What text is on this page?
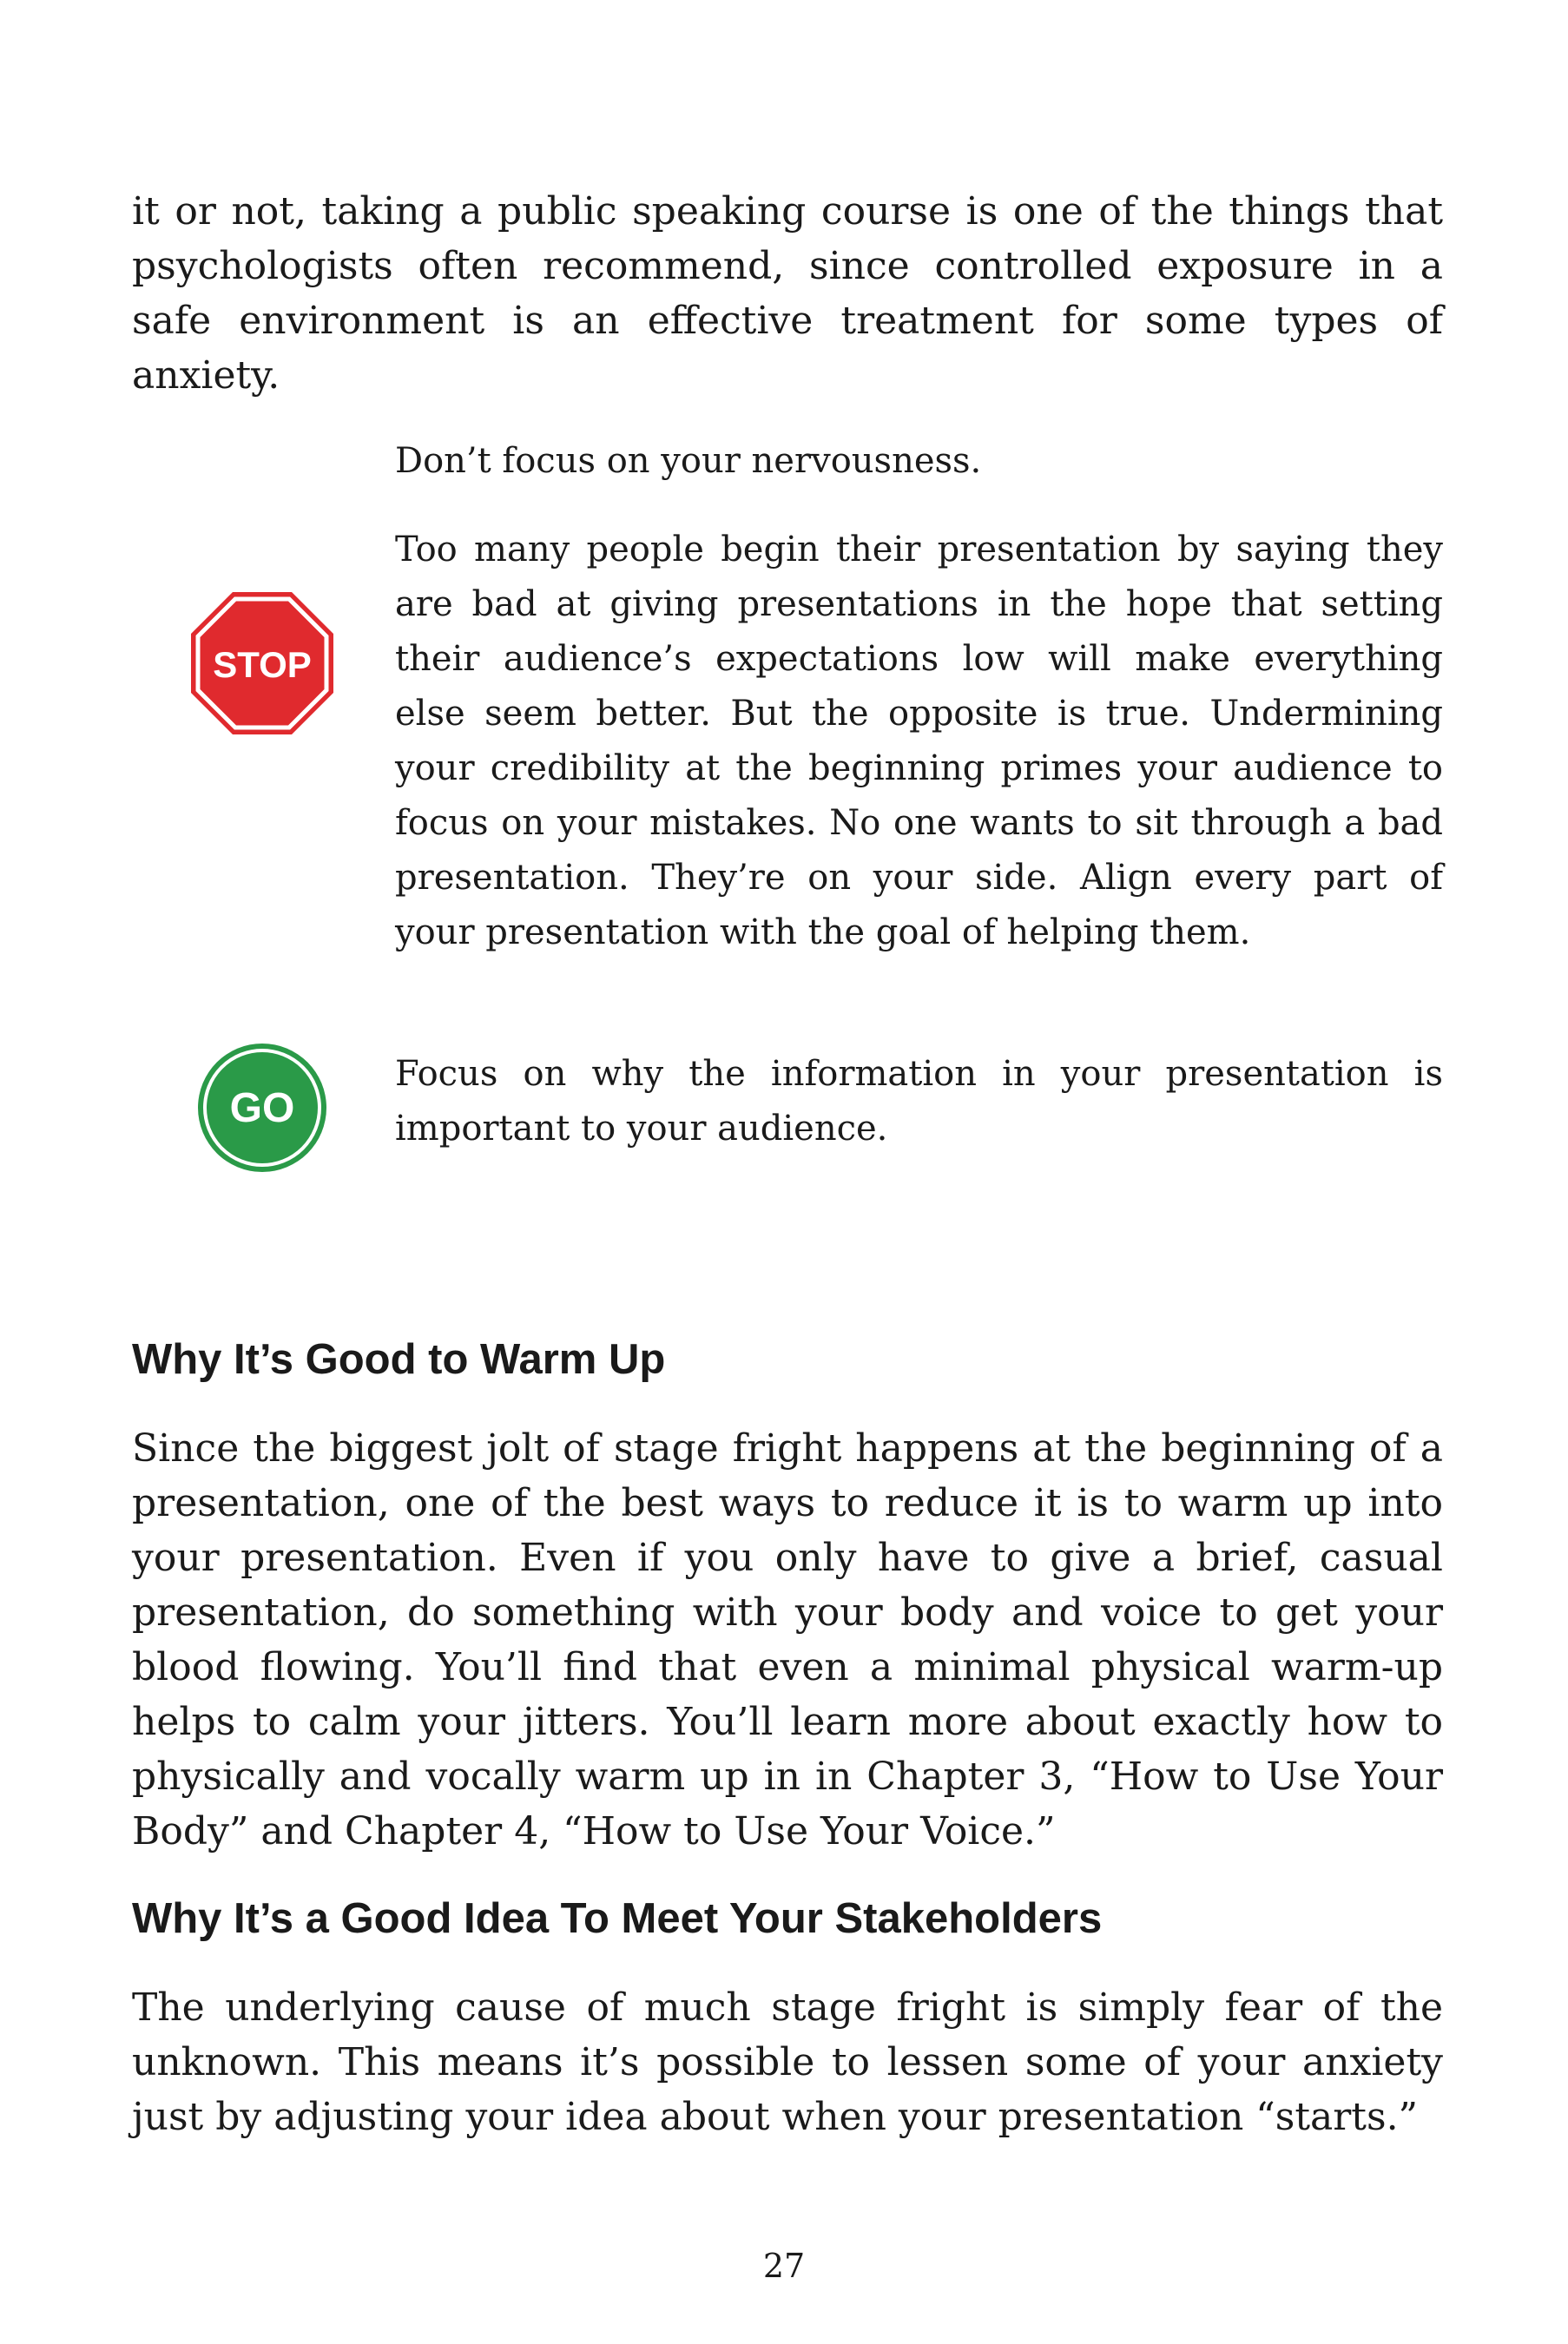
it or not, taking a public speaking course is one of the things that psychologists often recommend, since controlled exposure in a safe environment is an effective treatment for some types of anxiety.

STOP

Don’t focus on your nervousness.

Too many people begin their presentation by saying they are bad at giving presentations in the hope that setting their audience’s expectations low will make everything else seem better. But the opposite is true. Undermining your credibility at the beginning primes your audience to focus on your mistakes. No one wants to sit through a bad presentation. They’re on your side. Align every part of your presentation with the goal of helping them.

GO

Focus on why the information in your presentation is important to your audience.

Why It’s Good to Warm Up

Since the biggest jolt of stage fright happens at the beginning of a presentation, one of the best ways to reduce it is to warm up into your presentation. Even if you only have to give a brief, casual presentation, do something with your body and voice to get your blood flowing. You’ll find that even a minimal physical warm-up helps to calm your jitters. You’ll learn more about exactly how to physically and vocally warm up in in Chapter 3, “How to Use Your Body” and Chapter 4, “How to Use Your Voice.”

Why It’s a Good Idea To Meet Your Stakeholders

The underlying cause of much stage fright is simply fear of the unknown. This means it’s possible to lessen some of your anxiety just by adjusting your idea about when your presentation “starts.”

27
